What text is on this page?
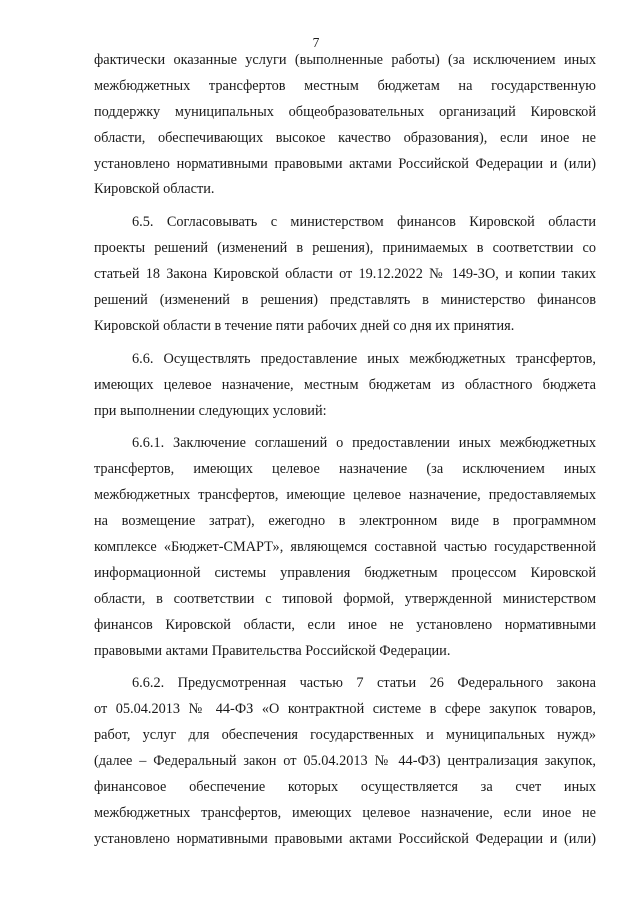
7
фактически оказанные услуги (выполненные работы) (за исключением иных
межбюджетных трансфертов местным бюджетам на государственную
поддержку муниципальных общеобразовательных организаций Кировской
области, обеспечивающих высокое качество образования), если иное не
установлено нормативными правовыми актами Российской Федерации и (или)
Кировской области.
6.5. Согласовывать с министерством финансов Кировской области
проекты решений (изменений в решения), принимаемых в соответствии со
статьей 18 Закона Кировской области от 19.12.2022 № 149-ЗО, и копии таких
решений (изменений в решения) представлять в министерство финансов
Кировской области в течение пяти рабочих дней со дня их принятия.
6.6. Осуществлять предоставление иных межбюджетных трансфертов,
имеющих целевое назначение, местным бюджетам из областного бюджета
при выполнении следующих условий:
6.6.1. Заключение соглашений о предоставлении иных межбюджетных
трансфертов, имеющих целевое назначение (за исключением иных
межбюджетных трансфертов, имеющие целевое назначение, предоставляемых
на возмещение затрат), ежегодно в электронном виде в программном
комплексе «Бюджет-СМАРТ», являющемся составной частью государственной
информационной системы управления бюджетным процессом Кировской
области, в соответствии с типовой формой, утвержденной министерством
финансов Кировской области, если иное не установлено нормативными
правовыми актами Правительства Российской Федерации.
6.6.2. Предусмотренная частью 7 статьи 26 Федерального закона
от 05.04.2013 № 44-ФЗ «О контрактной системе в сфере закупок товаров,
работ, услуг для обеспечения государственных и муниципальных нужд»
(далее – Федеральный закон от 05.04.2013 № 44-ФЗ) централизация закупок,
финансовое обеспечение которых осуществляется за счет иных
межбюджетных трансфертов, имеющих целевое назначение, если иное не
установлено нормативными правовыми актами Российской Федерации и (или)
